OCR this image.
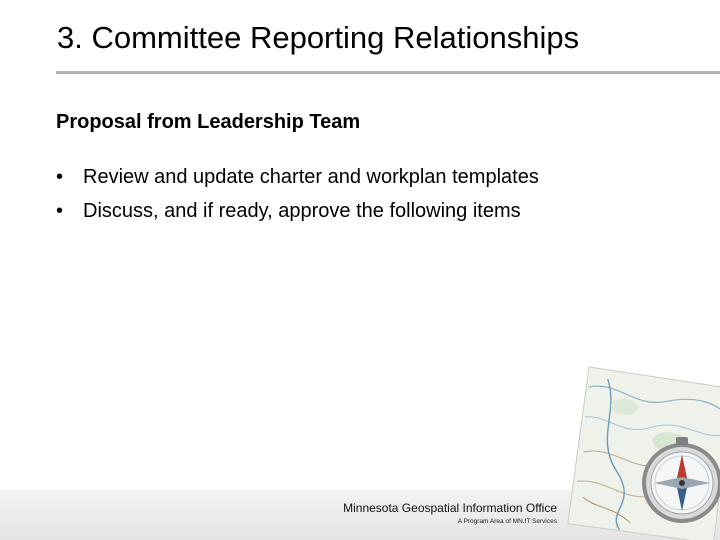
3. Committee Reporting Relationships
Proposal from Leadership Team
• Review and update charter and workplan templates
• Discuss, and if ready, approve the following items
Minnesota Geospatial Information Office
A Program Area of MN.IT Services
